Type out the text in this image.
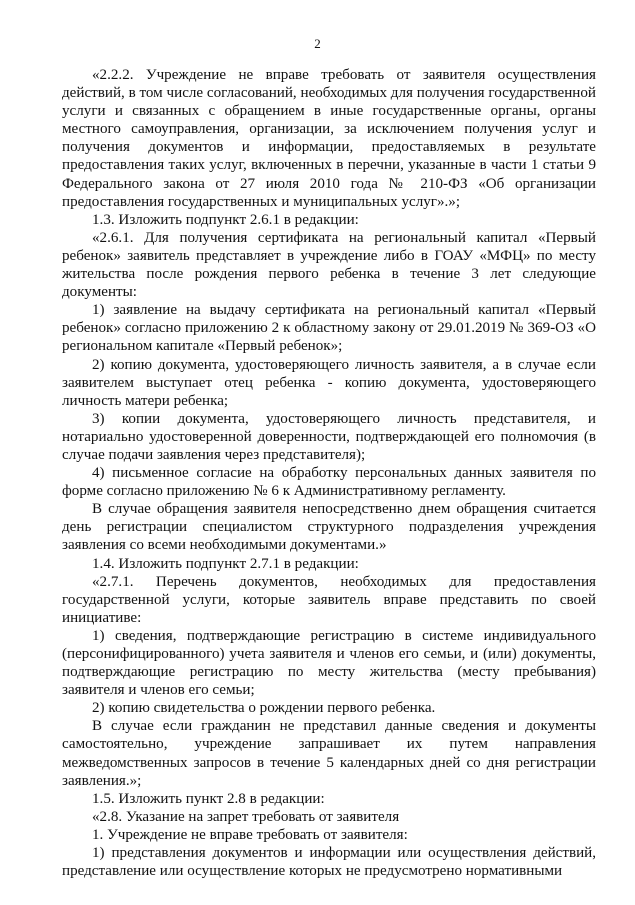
2

«2.2.2. Учреждение не вправе требовать от заявителя осуществления действий, в том числе согласований, необходимых для получения государственной услуги и связанных с обращением в иные государственные органы, органы местного самоуправления, организации, за исключением получения услуг и получения документов и информации, предоставляемых в результате предоставления таких услуг, включенных в перечни, указанные в части 1 статьи 9 Федерального закона от 27 июля 2010 года № 210-ФЗ «Об организации предоставления государственных и муниципальных услуг».»;

1.3. Изложить подпункт 2.6.1 в редакции:

«2.6.1. Для получения сертификата на региональный капитал «Первый ребенок» заявитель представляет в учреждение либо в ГОАУ «МФЦ» по месту жительства после рождения первого ребенка в течение 3 лет следующие документы:

1) заявление на выдачу сертификата на региональный капитал «Первый ребенок» согласно приложению 2 к областному закону от 29.01.2019 № 369-ОЗ «О региональном капитале «Первый ребенок»;

2) копию документа, удостоверяющего личность заявителя, а в случае если заявителем выступает отец ребенка - копию документа, удостоверяющего личность матери ребенка;

3) копии документа, удостоверяющего личность представителя, и нотариально удостоверенной доверенности, подтверждающей его полномочия (в случае подачи заявления через представителя);

4) письменное согласие на обработку персональных данных заявителя по форме согласно приложению № 6 к Административному регламенту.

В случае обращения заявителя непосредственно днем обращения считается день регистрации специалистом структурного подразделения учреждения заявления со всеми необходимыми документами.»

1.4. Изложить подпункт 2.7.1 в редакции:

«2.7.1. Перечень документов, необходимых для предоставления государственной услуги, которые заявитель вправе представить по своей инициативе:

1) сведения, подтверждающие регистрацию в системе индивидуального (персонифицированного) учета заявителя и членов его семьи, и (или) документы, подтверждающие регистрацию по месту жительства (месту пребывания) заявителя и членов его семьи;

2) копию свидетельства о рождении первого ребенка.

В случае если гражданин не представил данные сведения и документы самостоятельно, учреждение запрашивает их путем направления межведомственных запросов в течение 5 календарных дней со дня регистрации заявления.»;

1.5. Изложить пункт 2.8 в редакции:

«2.8. Указание на запрет требовать от заявителя

1. Учреждение не вправе требовать от заявителя:

1) представления документов и информации или осуществления действий, представление или осуществление которых не предусмотрено нормативными
